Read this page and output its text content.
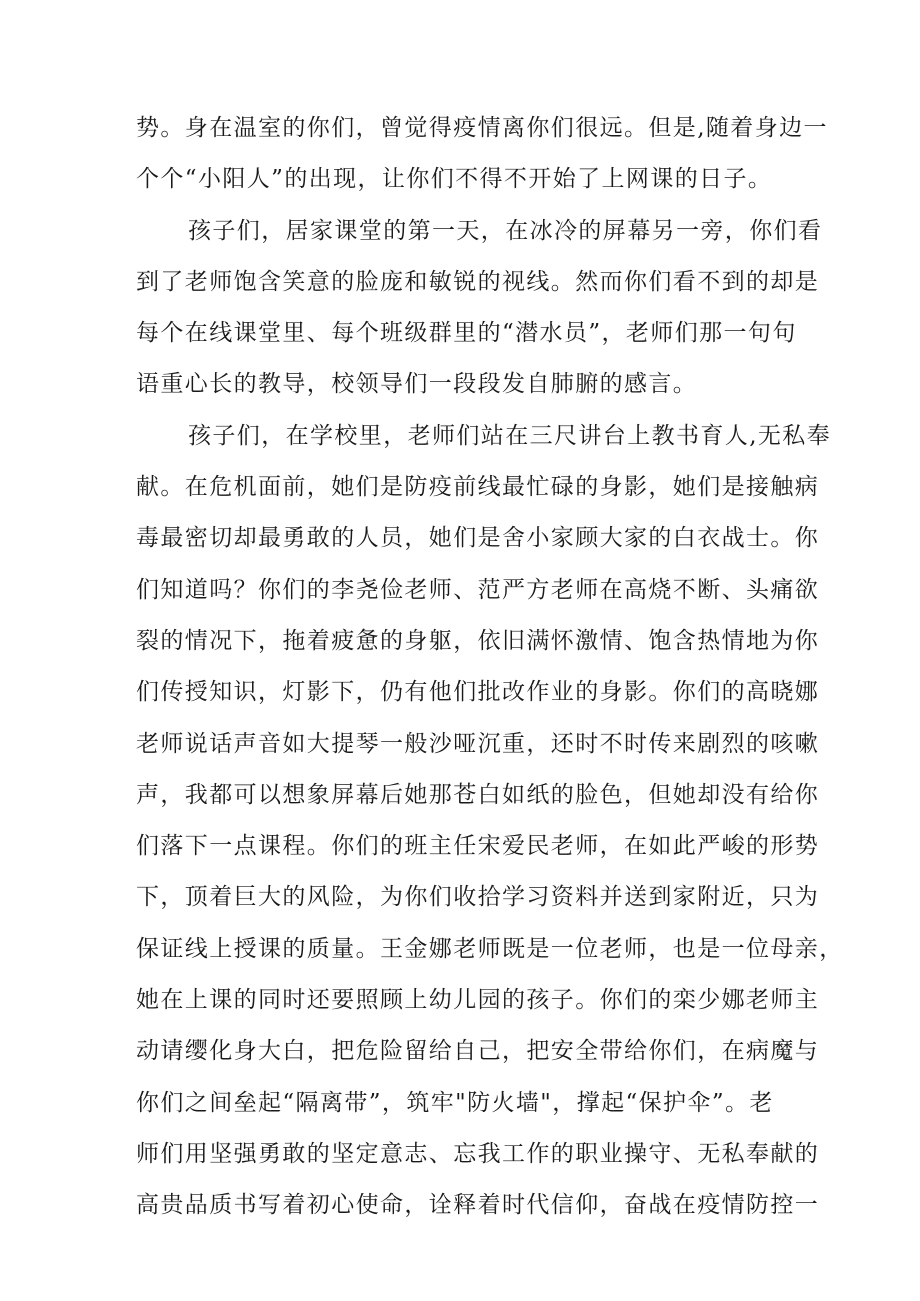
势。身在温室的你们，曾觉得疫情离你们很远。但是,随着身边一
个个“小阳人”的出现，让你们不得不开始了上网课的日子。
孩子们，居家课堂的第一天，在冰冷的屏幕另一旁，你们看
到了老师饱含笑意的脸庞和敏锐的视线。然而你们看不到的却是
每个在线课堂里、每个班级群里的“潜水员”，老师们那一句句
语重心长的教导，校领导们一段段发自肺腑的感言。
孩子们，在学校里，老师们站在三尺讲台上教书育人,无私奉
献。在危机面前，她们是防疫前线最忙碌的身影，她们是接触病
毒最密切却最勇敢的人员，她们是舍小家顾大家的白衣战士。你
们知道吗？你们的李尧俭老师、范严方老师在高烧不断、头痛欲
裂的情况下，拖着疲惫的身躯，依旧满怀激情、饱含热情地为你
们传授知识，灯影下，仍有他们批改作业的身影。你们的高晓娜
老师说话声音如大提琴一般沙哑沉重，还时不时传来剧烈的咳嗽
声，我都可以想象屏幕后她那苍白如纸的脸色，但她却没有给你
们落下一点课程。你们的班主任宋爱民老师，在如此严峻的形势
下，顶着巨大的风险，为你们收拾学习资料并送到家附近，只为
保证线上授课的质量。王金娜老师既是一位老师，也是一位母亲，
她在上课的同时还要照顾上幼儿园的孩子。你们的栾少娜老师主
动请缨化身大白，把危险留给自己，把安全带给你们，在病魔与
你们之间垒起“隔离带”，筑牢"防火墙"，撑起“保护伞”。老
师们用坚强勇敢的坚定意志、忘我工作的职业操守、无私奉献的
高贵品质书写着初心使命，诠释着时代信仰，奋战在疫情防控一
